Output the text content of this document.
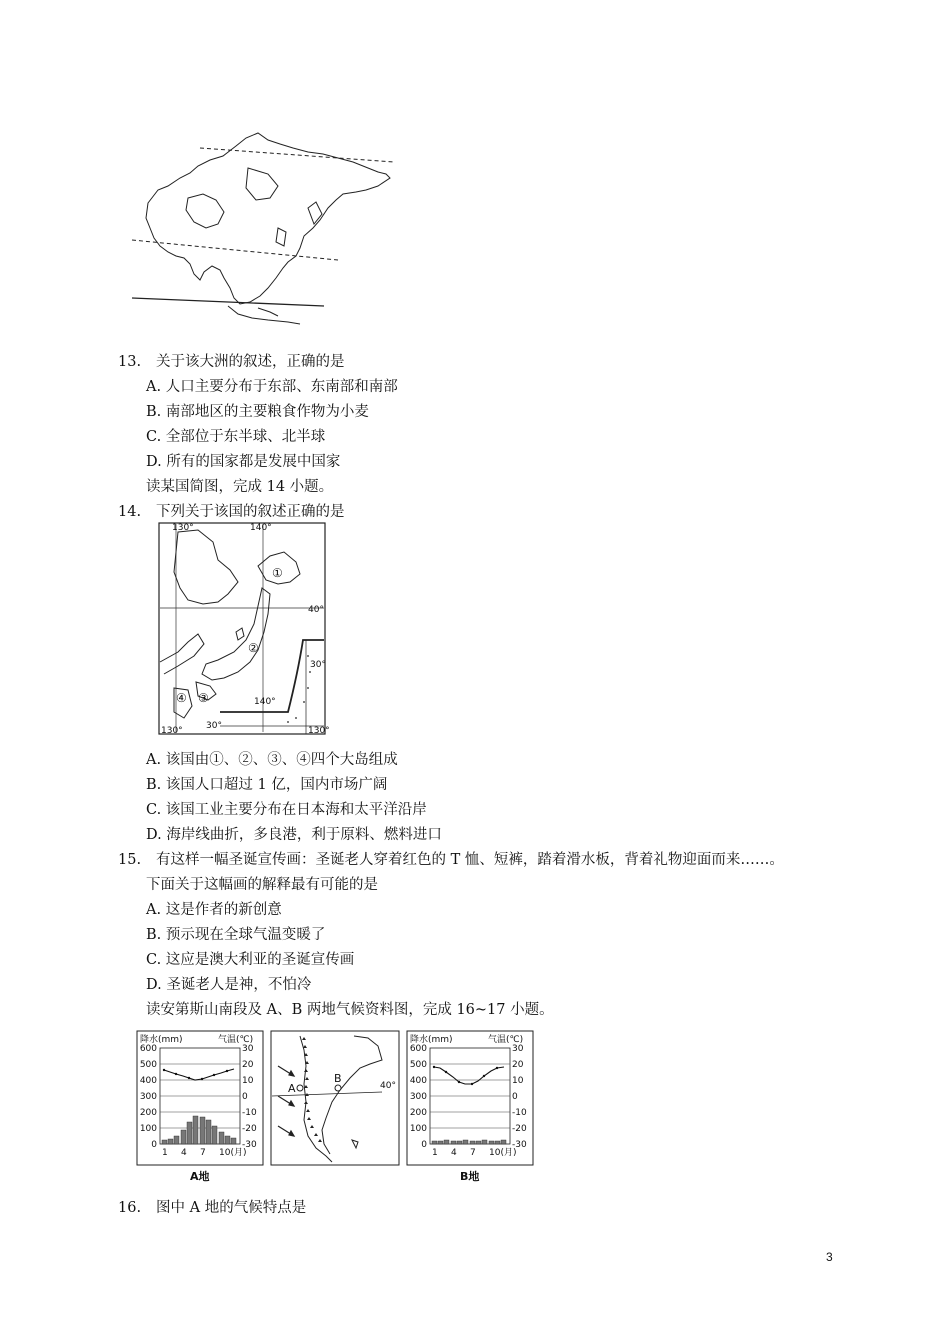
13. 关于该大洲的叙述，正确的是
A. 人口主要分布于东部、东南部和南部
B. 南部地区的主要粮食作物为小麦
C. 全部位于东半球、北半球
D. 所有的国家都是发展中国家
读某国简图，完成 14 小题。
14. 下列关于该国的叙述正确的是
130°	140°
40°
30°
140°
130°	30°	130°
①
②
③
④
A. 该国由①、②、③、④四个大岛组成
B. 该国人口超过 1 亿，国内市场广阔
C. 该国工业主要分布在日本海和太平洋沿岸
D. 海岸线曲折，多良港，利于原料、燃料进口
15. 有这样一幅圣诞宣传画：圣诞老人穿着红色的 T 恤、短裤，踏着滑水板，背着礼物迎面而来……。
下面关于这幅画的解释最有可能的是
A. 这是作者的新创意
B. 预示现在全球气温变暖了
C. 这应是澳大利亚的圣诞宣传画
D. 圣诞老人是神，不怕冷
读安第斯山南段及 A、B 两地气候资料图，完成 16~17 小题。
降水(mm)	气温(℃)
600
500
400
300
200
100
0
30
20
10
0
-10
-20
-30
1 4 7 10(月)
A地
A
B
40°
降水(mm)	气温(℃)
600
500
400
300
200
100
0
30
20
10
0
-10
-20
-30
1 4 7 10(月)
B地
16. 图中 A 地的气候特点是
3
